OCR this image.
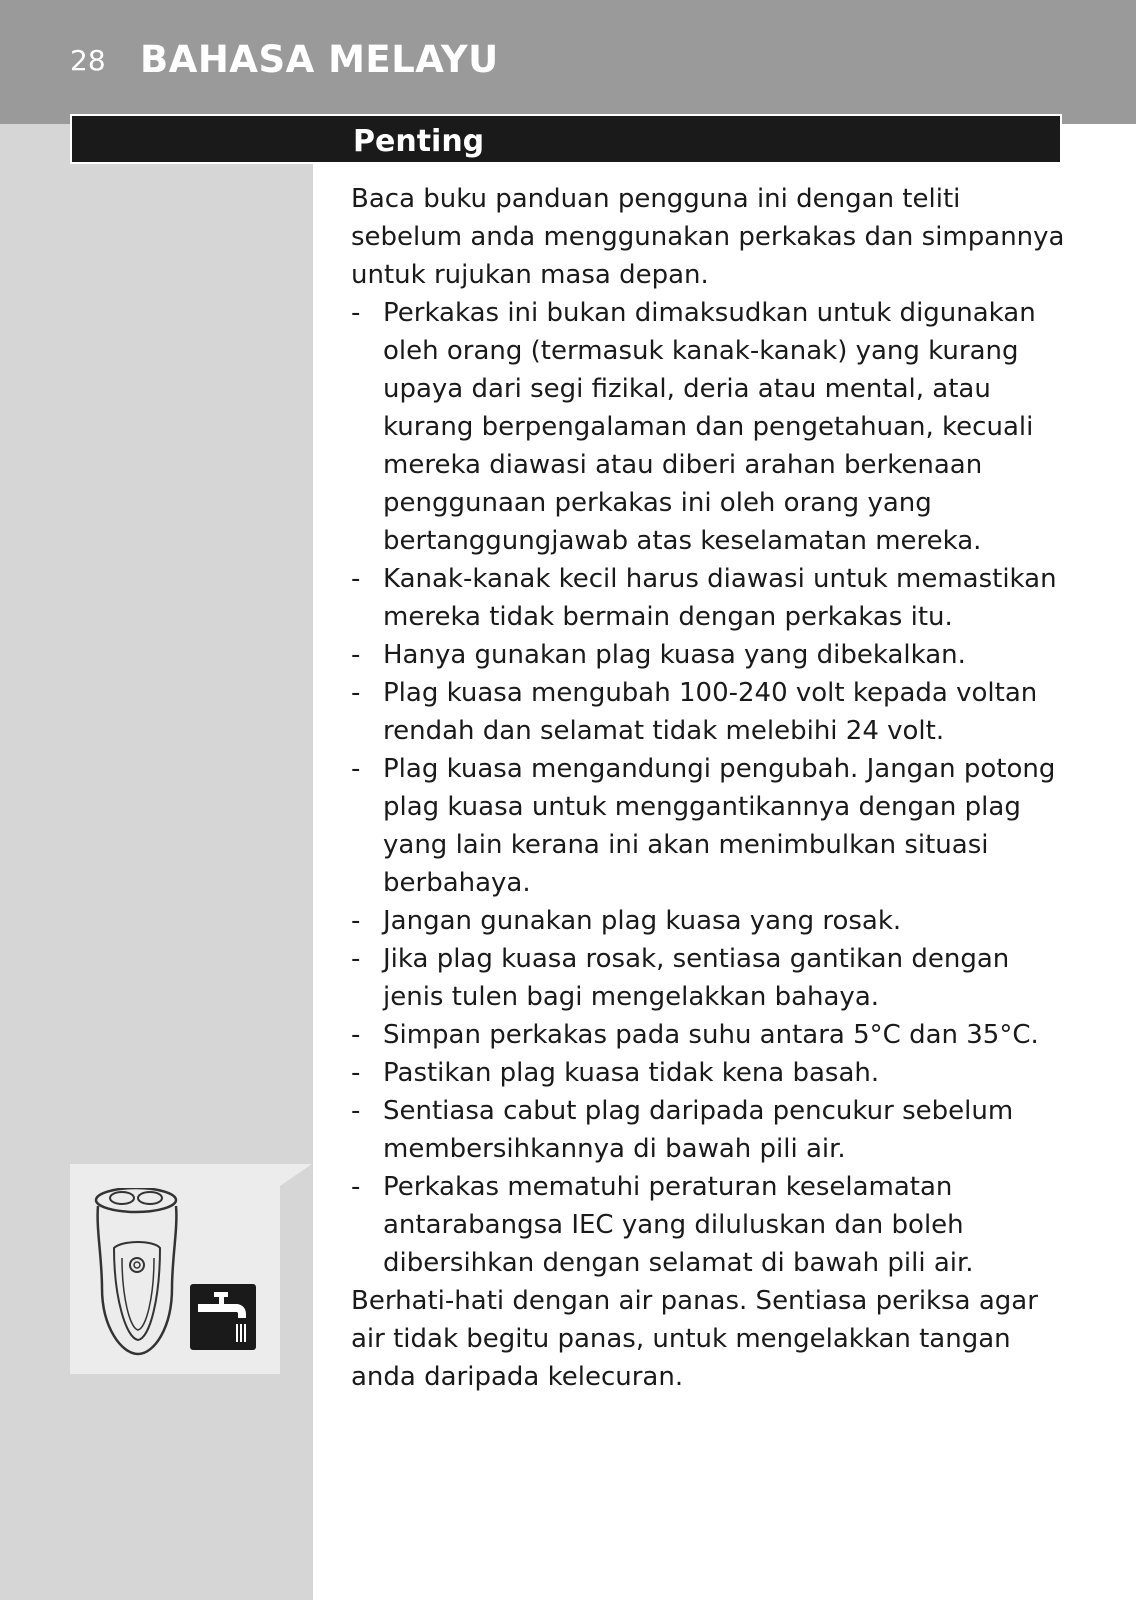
28 BAHASA MELAYU
Penting

Baca buku panduan pengguna ini dengan teliti sebelum anda menggunakan perkakas dan simpannya untuk rujukan masa depan.

- Perkakas ini bukan dimaksudkan untuk digunakan oleh orang (termasuk kanak-kanak) yang kurang upaya dari segi fizikal, deria atau mental, atau kurang berpengalaman dan pengetahuan, kecuali mereka diawasi atau diberi arahan berkenaan penggunaan perkakas ini oleh orang yang bertanggungjawab atas keselamatan mereka.
- Kanak-kanak kecil harus diawasi untuk memastikan mereka tidak bermain dengan perkakas itu.
- Hanya gunakan plag kuasa yang dibekalkan.
- Plag kuasa mengubah 100-240 volt kepada voltan rendah dan selamat tidak melebihi 24 volt.
- Plag kuasa mengandungi pengubah. Jangan potong plag kuasa untuk menggantikannya dengan plag yang lain kerana ini akan menimbulkan situasi berbahaya.
- Jangan gunakan plag kuasa yang rosak.
- Jika plag kuasa rosak, sentiasa gantikan dengan jenis tulen bagi mengelakkan bahaya.
- Simpan perkakas pada suhu antara 5°C dan 35°C.
- Pastikan plag kuasa tidak kena basah.
- Sentiasa cabut plag daripada pencukur sebelum membersihkannya di bawah pili air.
- Perkakas mematuhi peraturan keselamatan antarabangsa IEC yang diluluskan dan boleh dibersihkan dengan selamat di bawah pili air.

Berhati-hati dengan air panas. Sentiasa periksa agar air tidak begitu panas, untuk mengelakkan tangan anda daripada kelecuran.
